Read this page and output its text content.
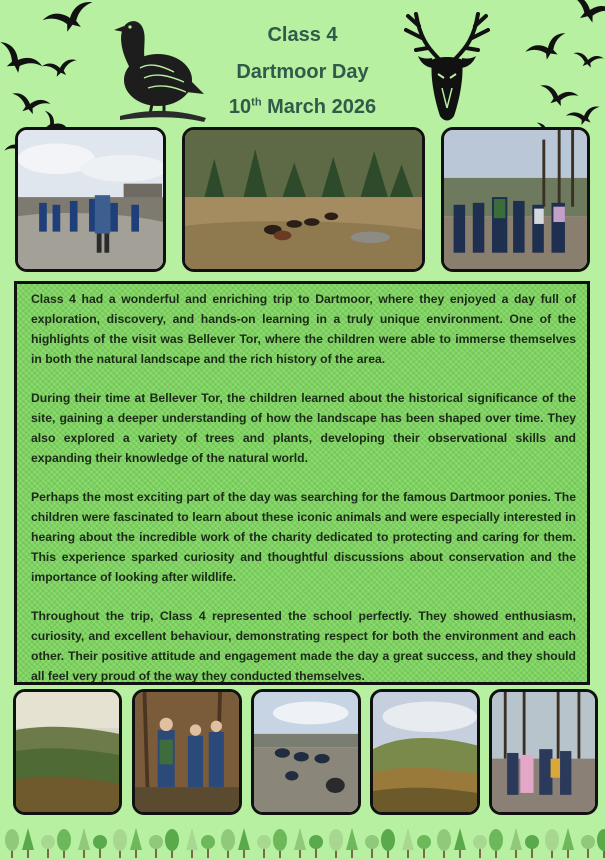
Class 4
Dartmoor Day
10th March 2026

Class 4 had a wonderful and enriching trip to Dartmoor, where they enjoyed a day full of exploration, discovery, and hands-on learning in a truly unique environment. One of the highlights of the visit was Bellever Tor, where the children were able to immerse themselves in both the natural landscape and the rich history of the area.

During their time at Bellever Tor, the children learned about the historical significance of the site, gaining a deeper understanding of how the landscape has been shaped over time. They also explored a variety of trees and plants, developing their observational skills and expanding their knowledge of the natural world.

Perhaps the most exciting part of the day was searching for the famous Dartmoor ponies. The children were fascinated to learn about these iconic animals and were especially interested in hearing about the incredible work of the charity dedicated to protecting and caring for them. This experience sparked curiosity and thoughtful discussions about conservation and the importance of looking after wildlife.

Throughout the trip, Class 4 represented the school perfectly. They showed enthusiasm, curiosity, and excellent behaviour, demonstrating respect for both the environment and each other. Their positive attitude and engagement made the day a great success, and they should all feel very proud of the way they conducted themselves.
